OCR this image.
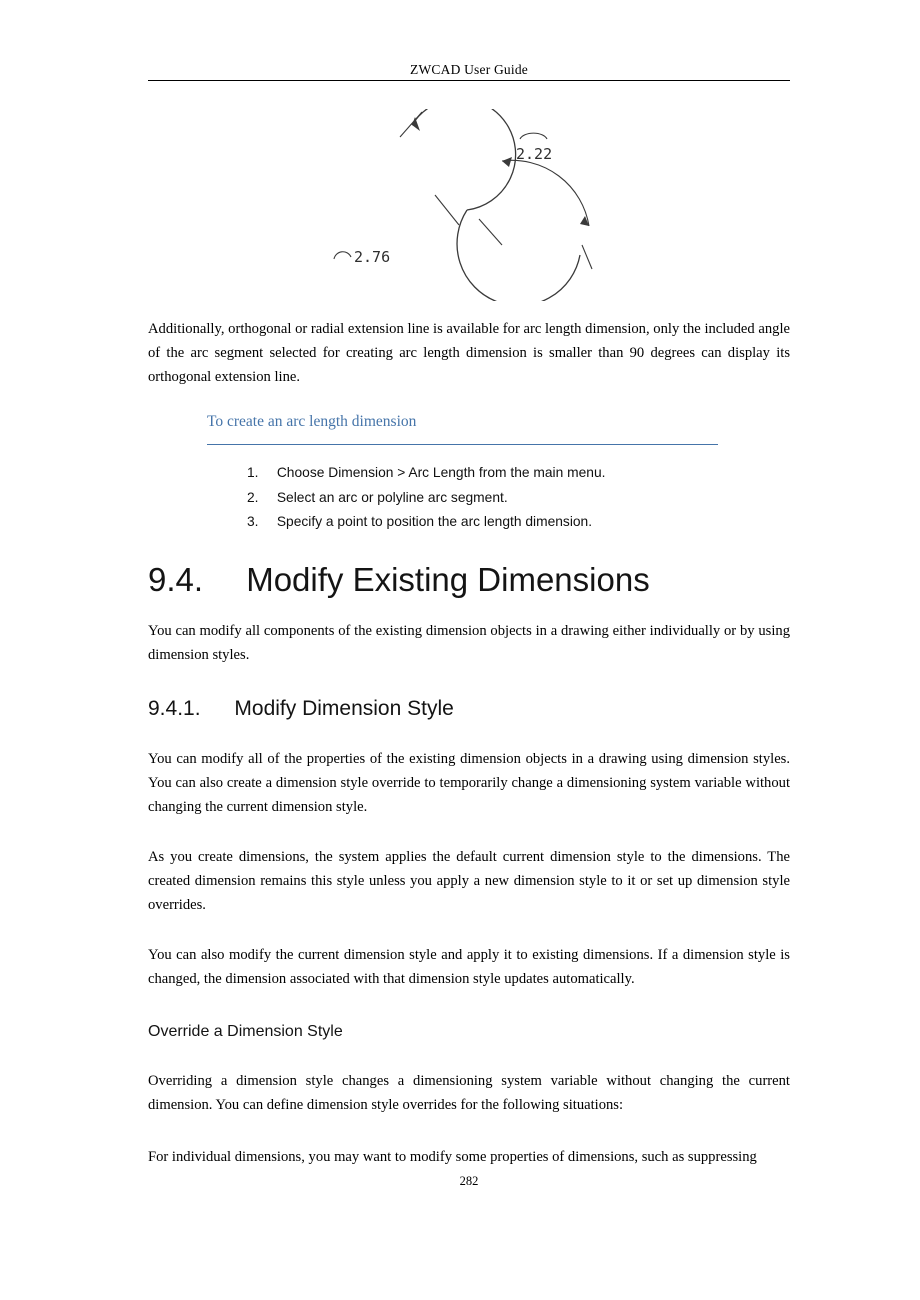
ZWCAD User Guide
2.22
2.76

Additionally, orthogonal or radial extension line is available for arc length dimension, only the included angle of the arc segment selected for creating arc length dimension is smaller than 90 degrees can display its orthogonal extension line.

To create an arc length dimension
1. Choose Dimension > Arc Length from the main menu.
2. Select an arc or polyline arc segment.
3. Specify a point to position the arc length dimension.
9.4. Modify Existing Dimensions

You can modify all components of the existing dimension objects in a drawing either individually or by using dimension styles.

9.4.1. Modify Dimension Style

You can modify all of the properties of the existing dimension objects in a drawing using dimension styles. You can also create a dimension style override to temporarily change a dimensioning system variable without changing the current dimension style.

As you create dimensions, the system applies the default current dimension style to the dimensions. The created dimension remains this style unless you apply a new dimension style to it or set up dimension style overrides.

You can also modify the current dimension style and apply it to existing dimensions. If a dimension style is changed, the dimension associated with that dimension style updates automatically.

Override a Dimension Style

Overriding a dimension style changes a dimensioning system variable without changing the current dimension. You can define dimension style overrides for the following situations:

For individual dimensions, you may want to modify some properties of dimensions, such as suppressing

282
